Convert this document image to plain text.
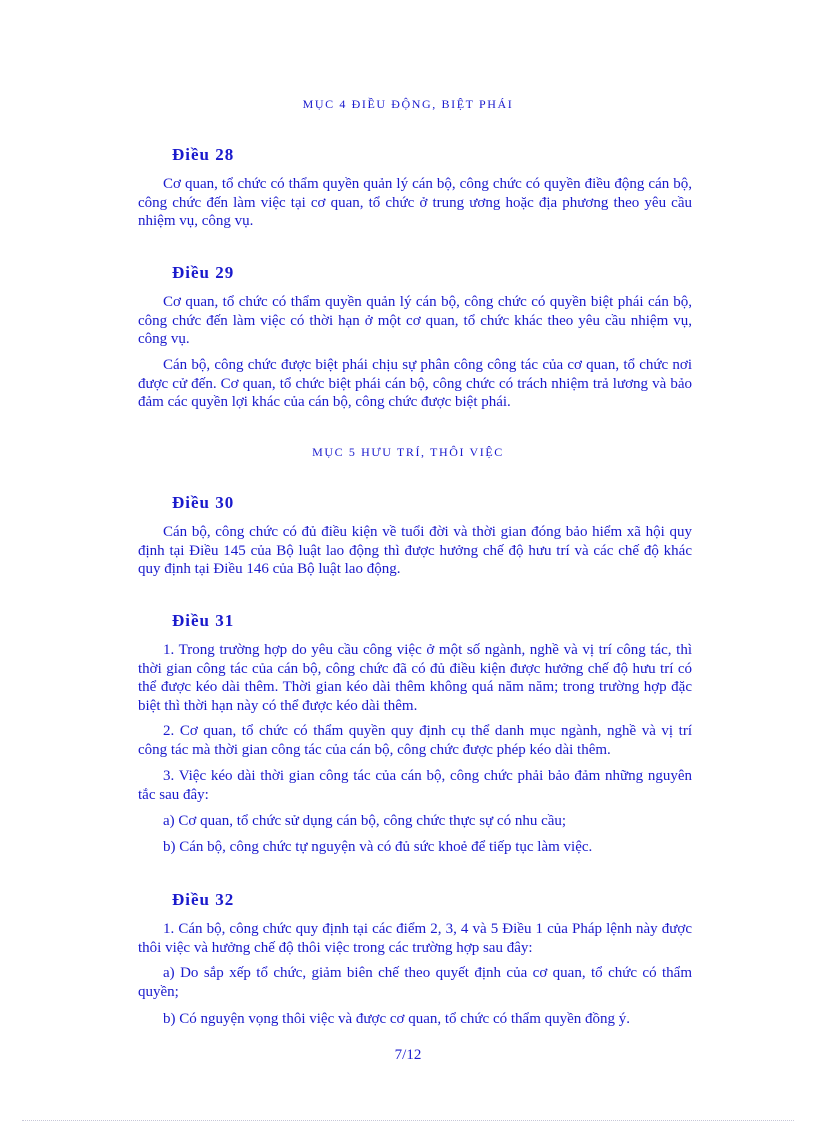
MỤC 4 ĐIỀU ĐỘNG, BIỆT PHÁI
Điều 28
Cơ quan, tổ chức có thẩm quyền quản lý cán bộ, công chức có quyền điều động cán bộ, công chức đến làm việc tại cơ quan, tổ chức ở trung ương hoặc địa phương theo yêu cầu nhiệm vụ, công vụ.
Điều 29
Cơ quan, tổ chức có thẩm quyền quản lý cán bộ, công chức có quyền biệt phái cán bộ, công chức đến làm việc có thời hạn ở một cơ quan, tổ chức khác theo yêu cầu nhiệm vụ, công vụ.
Cán bộ, công chức được biệt phái chịu sự phân công công tác của cơ quan, tổ chức nơi được cử đến. Cơ quan, tổ chức biệt phái cán bộ, công chức có trách nhiệm trả lương và bảo đảm các quyền lợi khác của cán bộ, công chức được biệt phái.
MỤC 5 HƯU TRÍ, THÔI VIỆC
Điều 30
Cán bộ, công chức có đủ điều kiện về tuổi đời và thời gian đóng bảo hiểm xã hội quy định tại Điều 145 của Bộ luật lao động thì được hưởng chế độ hưu trí và các chế độ khác quy định tại Điều 146 của Bộ luật lao động.
Điều 31
1. Trong trường hợp do yêu cầu công việc ở một số ngành, nghề và vị trí công tác, thì thời gian công tác của cán bộ, công chức đã có đủ điều kiện được hưởng chế độ hưu trí có thể được kéo dài thêm. Thời gian kéo dài thêm không quá năm năm; trong trường hợp đặc biệt thì thời hạn này có thể được kéo dài thêm.
2. Cơ quan, tổ chức có thẩm quyền quy định cụ thể danh mục ngành, nghề và vị trí công tác mà thời gian công tác của cán bộ, công chức được phép kéo dài thêm.
3. Việc kéo dài thời gian công tác của cán bộ, công chức phải bảo đảm những nguyên tắc sau đây:
a) Cơ quan, tổ chức sử dụng cán bộ, công chức thực sự có nhu cầu;
b) Cán bộ, công chức tự nguyện và có đủ sức khoẻ để tiếp tục làm việc.
Điều 32
1. Cán bộ, công chức quy định tại các điểm 2, 3, 4 và 5 Điều 1 của Pháp lệnh này được thôi việc và hưởng chế độ thôi việc trong các trường hợp sau đây:
a) Do sắp xếp tổ chức, giảm biên chế theo quyết định của cơ quan, tổ chức có thẩm quyền;
b) Có nguyện vọng thôi việc và được cơ quan, tổ chức có thẩm quyền đồng ý.
7/12
